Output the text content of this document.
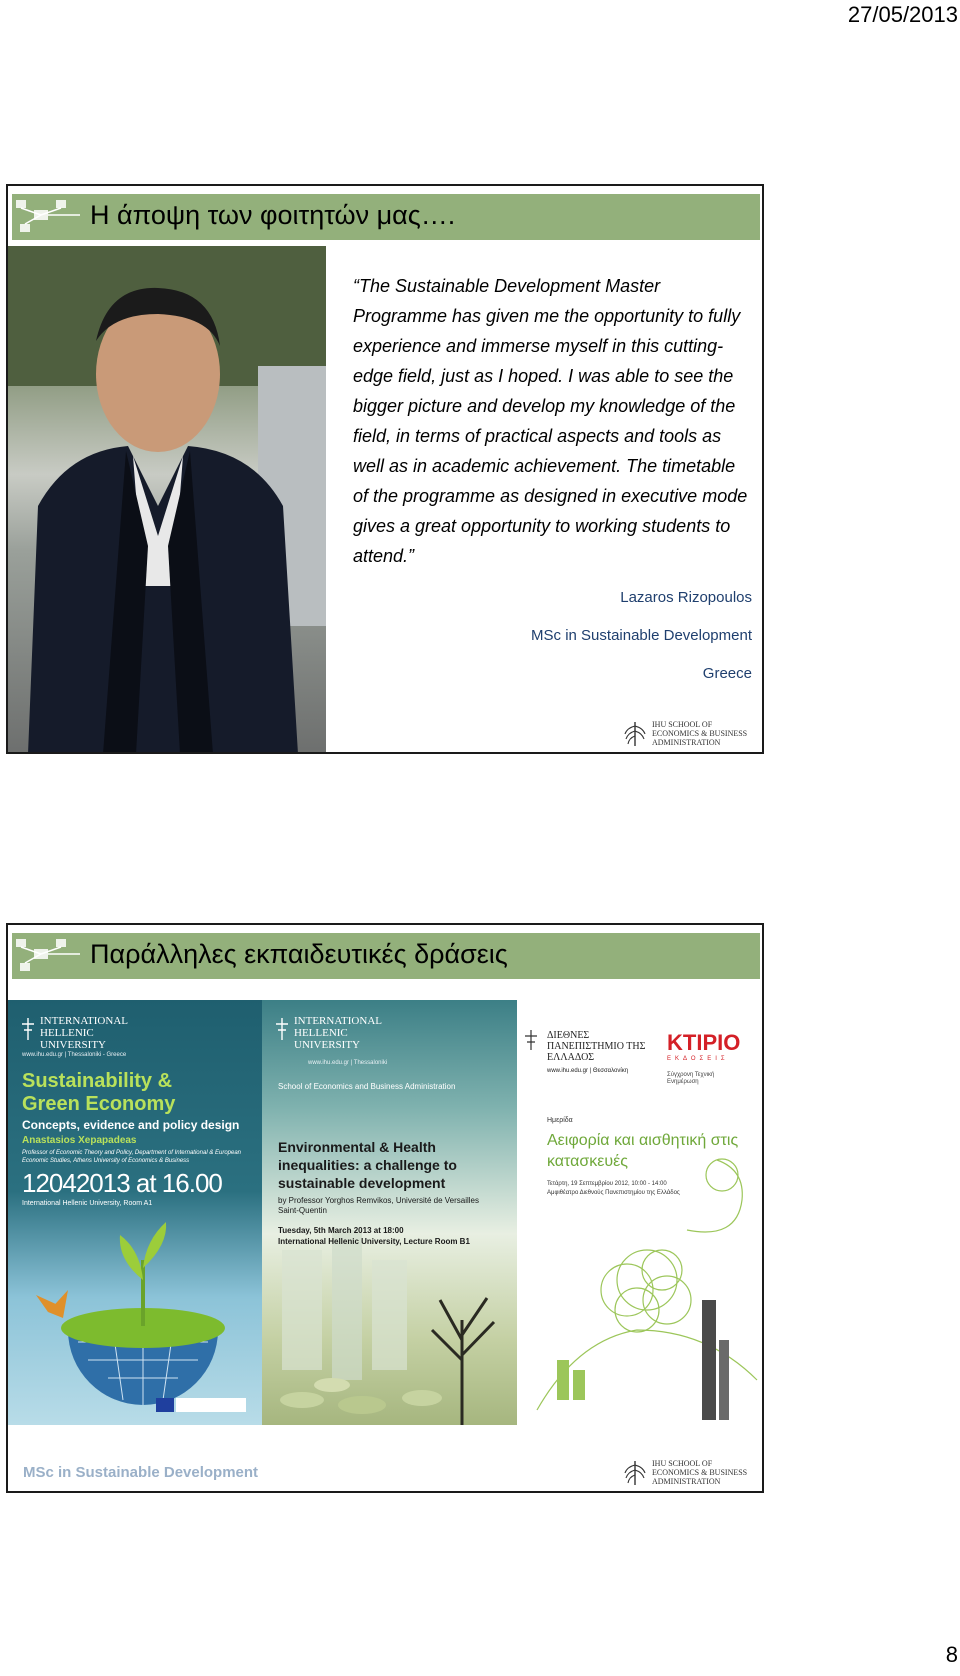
27/05/2013
Η άποψη των φοιτητών μας….
“The Sustainable Development Master Programme has given me the opportunity to fully experience and immerse myself in this cutting-edge field, just as I hoped. I was able to see the bigger picture and develop my knowledge of the field, in terms of practical aspects and tools as well as in academic achievement. The timetable of the programme as designed in executive mode gives a great opportunity to working students to attend.”
Lazaros Rizopoulos
MSc in Sustainable Development
Greece
IHU SCHOOL OF ECONOMICS & BUSINESS ADMINISTRATION
Παράλληλες εκπαιδευτικές δράσεις
INTERNATIONAL HELLENIC UNIVERSITY
www.ihu.edu.gr | Thessaloniki - Greece
Sustainability & Green Economy
Concepts, evidence and policy design
Anastasios Xepapadeas
Professor of Economic Theory and Policy, Department of International & European Economic Studies, Athens University of Economics & Business
12042013 at 16.00
International Hellenic University, Room A1
INTERNATIONAL HELLENIC UNIVERSITY
www.ihu.edu.gr | Thessaloniki
School of Economics and Business Administration
Environmental & Health inequalities: a challenge to sustainable development
by Professor Yorghos Remvikos, Université de Versailles Saint-Quentin
Tuesday, 5th March 2013 at 18:00
International Hellenic University, Lecture Room B1
ΔΙΕΘΝΕΣ ΠΑΝΕΠΙΣΤΗΜΙΟ ΤΗΣ ΕΛΛΑΔΟΣ
www.ihu.edu.gr | Θεσσαλονίκη
ΚΤΙΡΙΟ
ΕΚΔΟΣΕΙΣ
Σύγχρονη Τεχνική Ενημέρωση
Ημερίδα
Αειφορία και αισθητική στις κατασκευές
Τετάρτη, 19 Σεπτεμβρίου 2012, 10:00 - 14:00
Αμφιθέατρο Διεθνούς Πανεπιστημίου της Ελλάδος
MSc in Sustainable Development
IHU SCHOOL OF ECONOMICS & BUSINESS ADMINISTRATION
8
